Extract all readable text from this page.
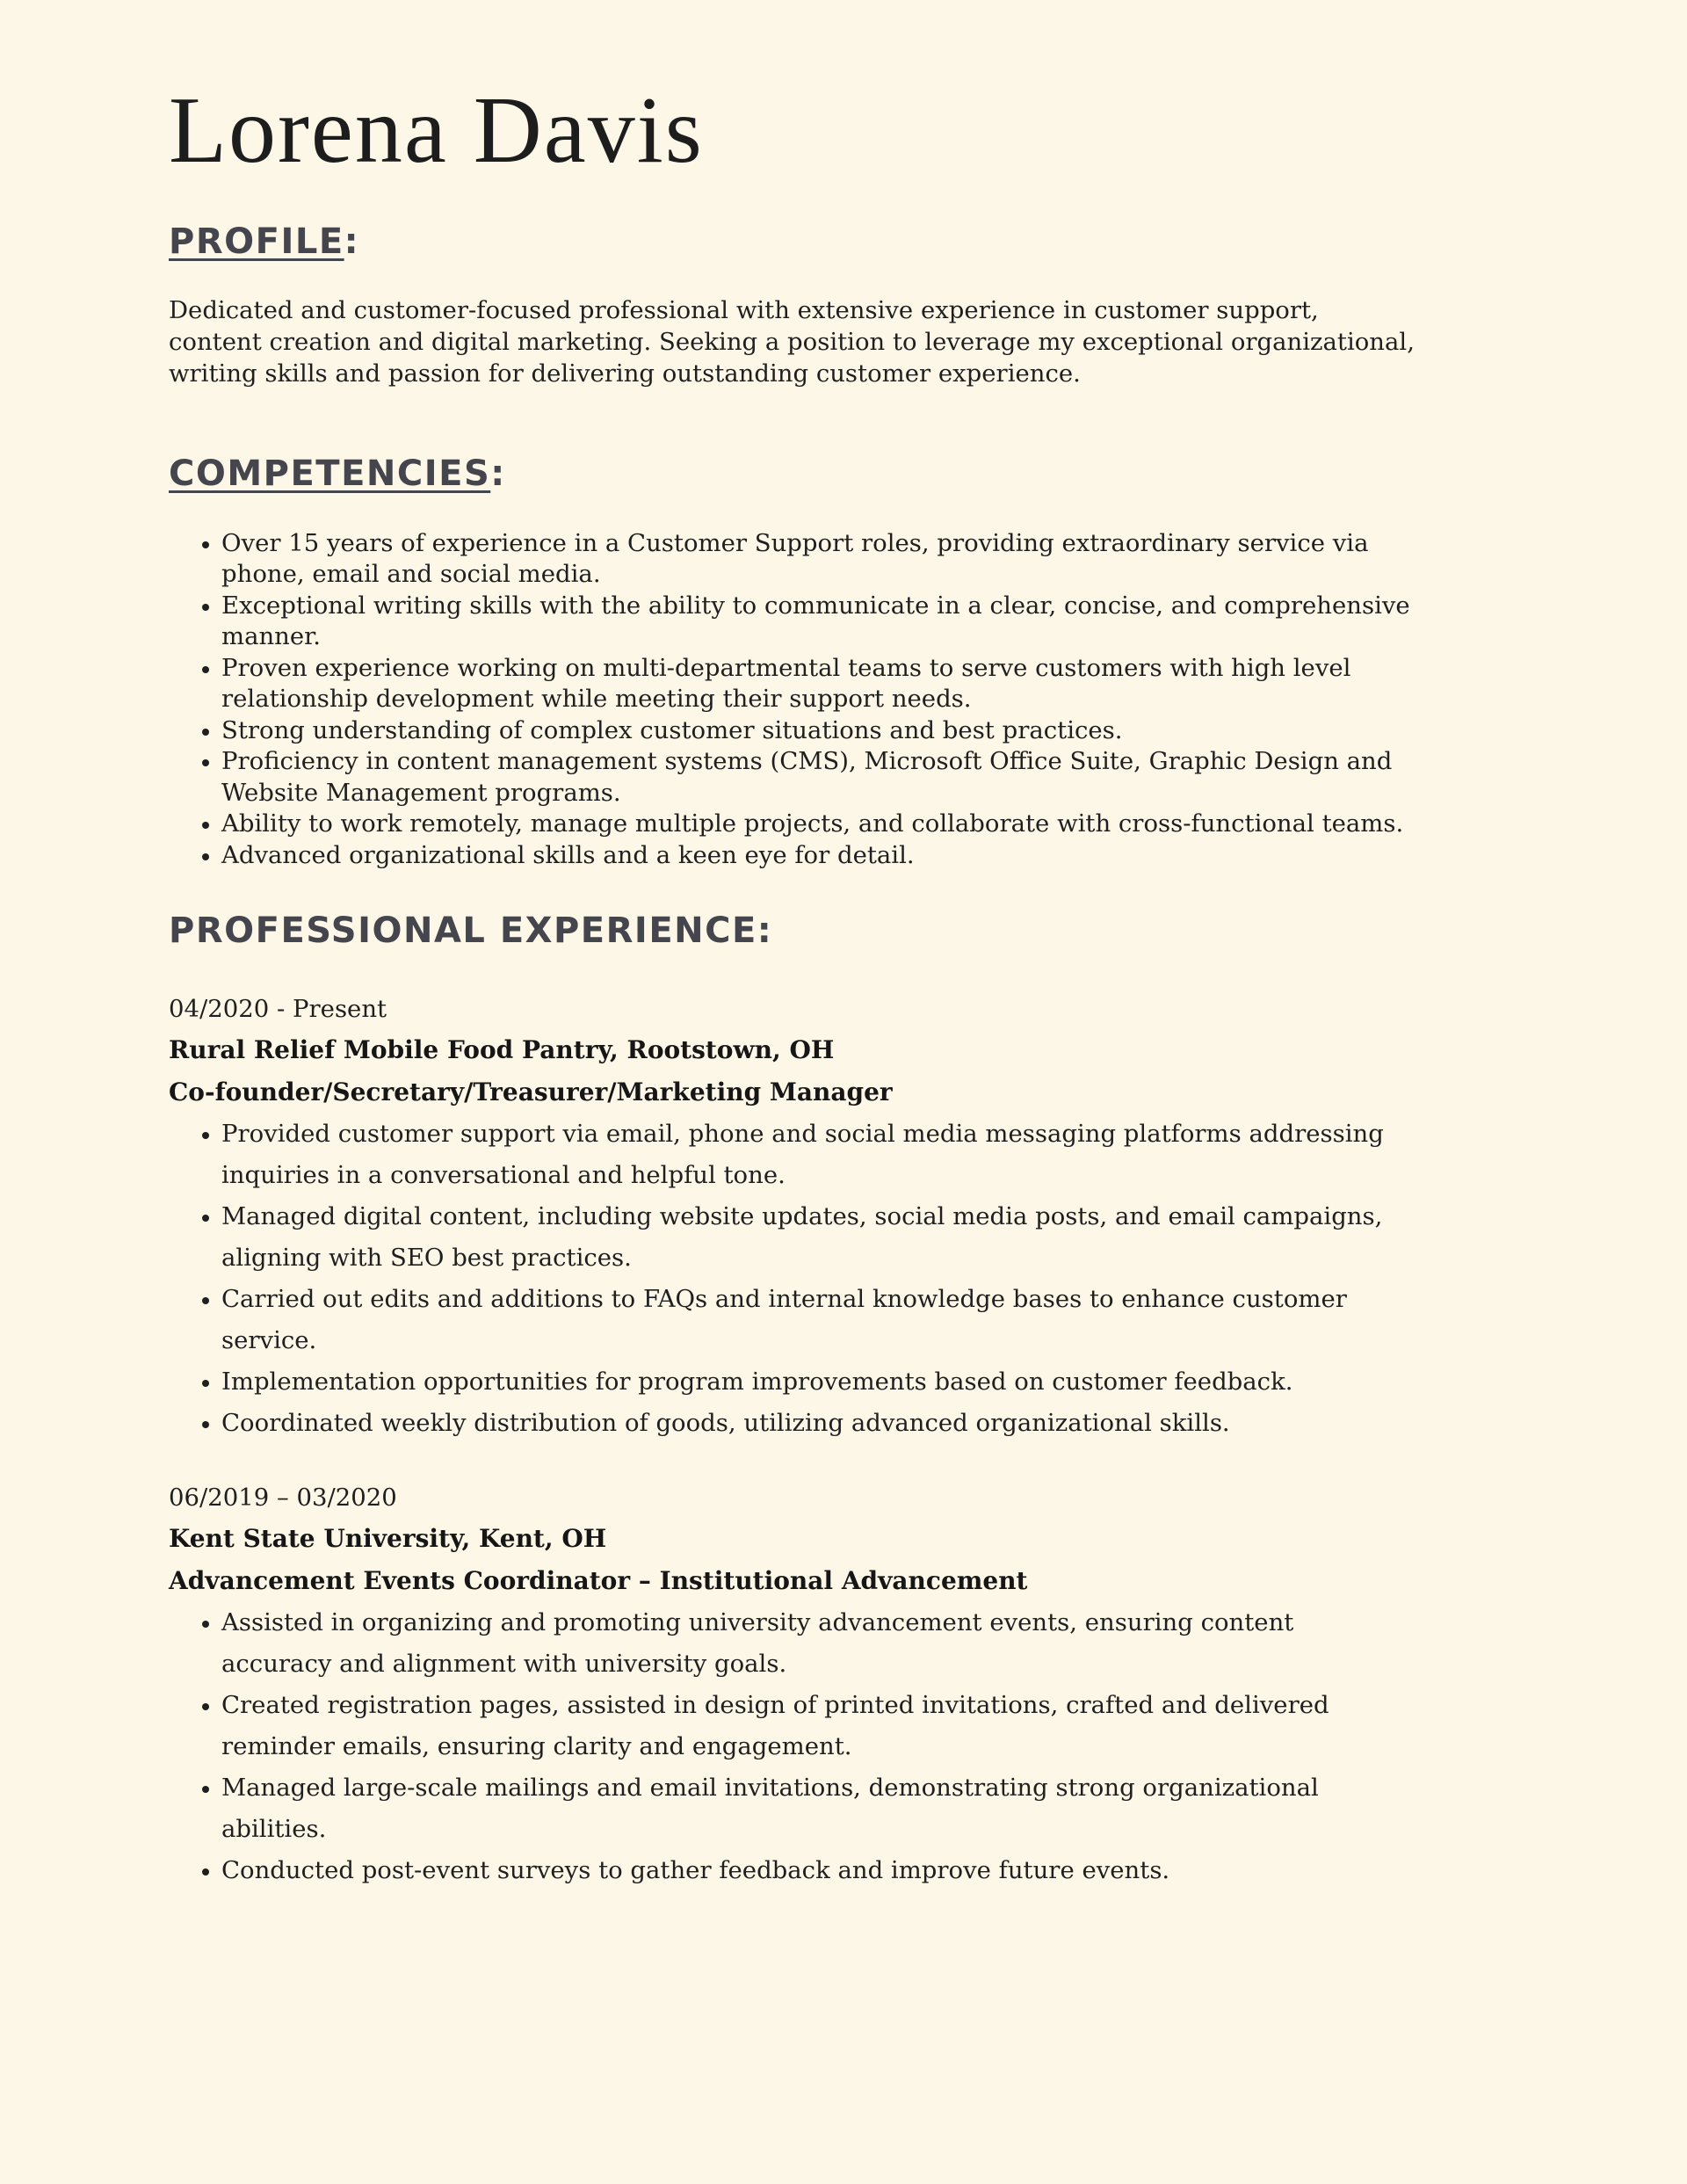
Lorena Davis
PROFILE:

Dedicated and customer-focused professional with extensive experience in customer support, content creation and digital marketing. Seeking a position to leverage my exceptional organizational, writing skills and passion for delivering outstanding customer experience.

COMPETENCIES:
• Over 15 years of experience in a Customer Support roles, providing extraordinary service via phone, email and social media.
• Exceptional writing skills with the ability to communicate in a clear, concise, and comprehensive manner.
• Proven experience working on multi-departmental teams to serve customers with high level relationship development while meeting their support needs.
• Strong understanding of complex customer situations and best practices.
• Proficiency in content management systems (CMS), Microsoft Office Suite, Graphic Design and Website Management programs.
• Ability to work remotely, manage multiple projects, and collaborate with cross-functional teams.
• Advanced organizational skills and a keen eye for detail.
PROFESSIONAL EXPERIENCE:

04/2020 - Present

Rural Relief Mobile Food Pantry, Rootstown, OH

Co-founder/Secretary/Treasurer/Marketing Manager

• Provided customer support via email, phone and social media messaging platforms addressing inquiries in a conversational and helpful tone.
• Managed digital content, including website updates, social media posts, and email campaigns, aligning with SEO best practices.
• Carried out edits and additions to FAQs and internal knowledge bases to enhance customer service.
• Implementation opportunities for program improvements based on customer feedback.
• Coordinated weekly distribution of goods, utilizing advanced organizational skills.

06/2019 – 03/2020

Kent State University, Kent, OH

Advancement Events Coordinator – Institutional Advancement

• Assisted in organizing and promoting university advancement events, ensuring content accuracy and alignment with university goals.
• Created registration pages, assisted in design of printed invitations, crafted and delivered reminder emails, ensuring clarity and engagement.
• Managed large-scale mailings and email invitations, demonstrating strong organizational abilities.
• Conducted post-event surveys to gather feedback and improve future events.
